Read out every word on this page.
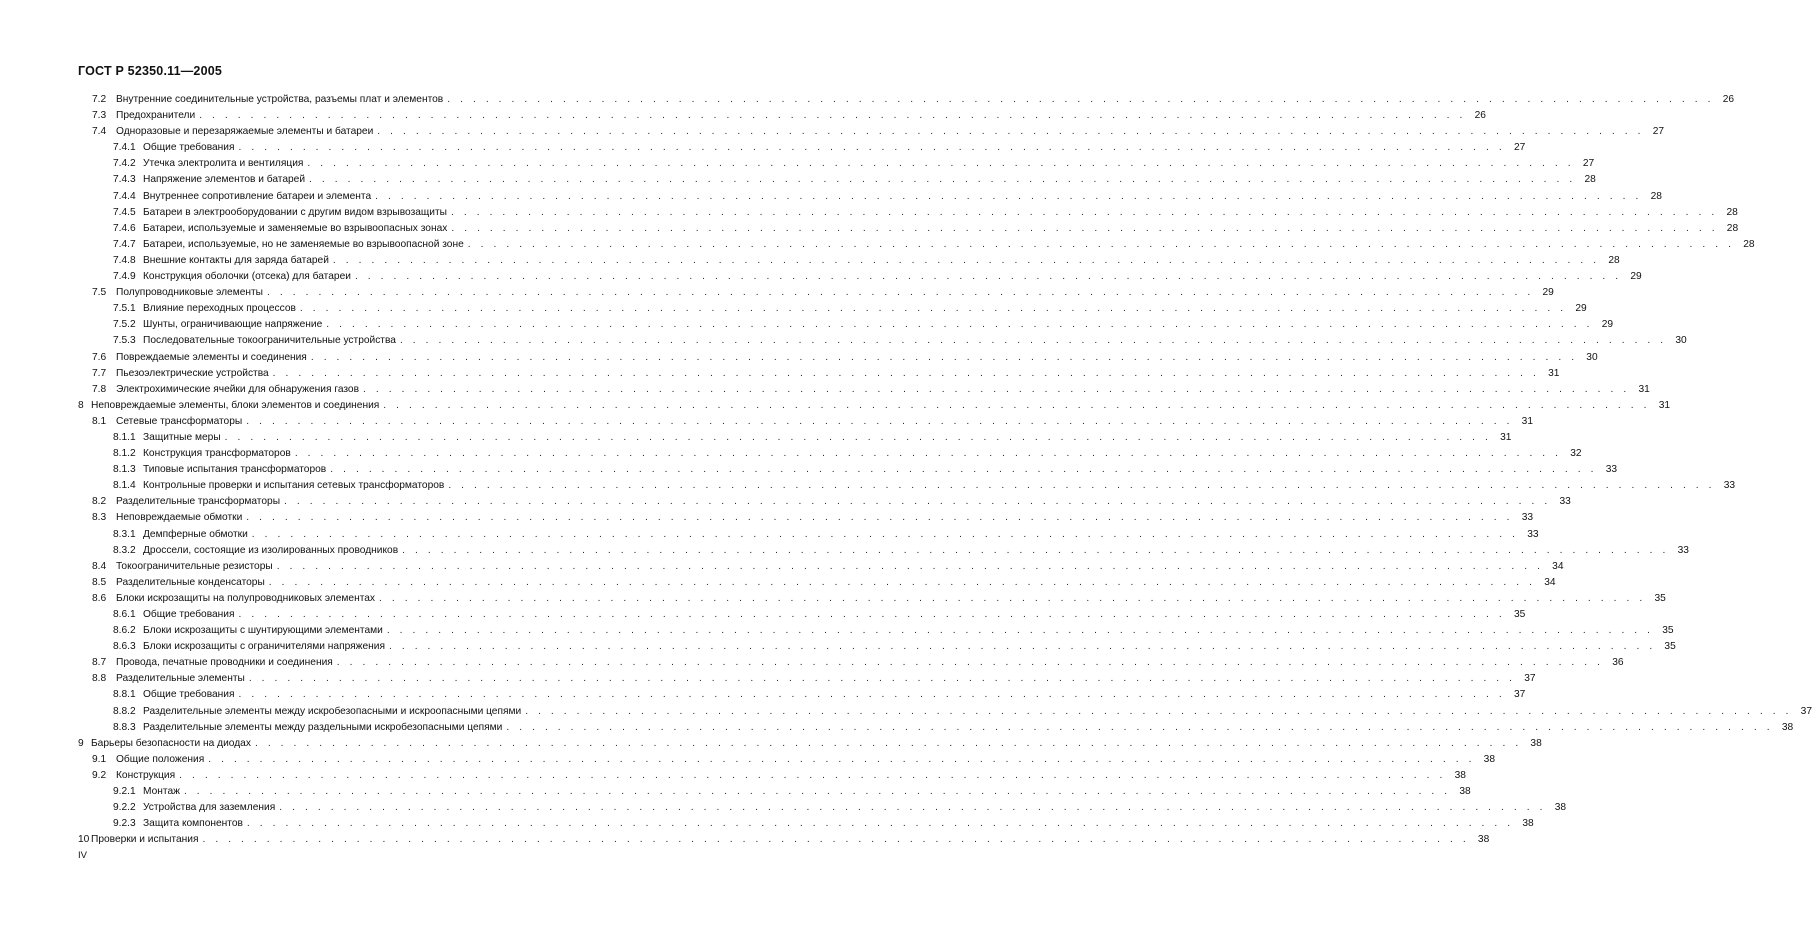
ГОСТ Р 52350.11—2005
7.2 Внутренние соединительные устройства, разъемы плат и элементов . . .	26
7.3 Предохранители . . .	26
7.4 Одноразовые и перезаряжаемые элементы и батареи . . .	27
7.4.1 Общие требования . . .	27
7.4.2 Утечка электролита и вентиляция . . .	27
7.4.3 Напряжение элементов и батарей . . .	28
7.4.4 Внутреннее сопротивление батареи и элемента . . .	28
7.4.5 Батареи в электрооборудовании с другим видом взрывозащиты . . .	28
7.4.6 Батареи, используемые и заменяемые во взрывоопасных зонах . . .	28
7.4.7 Батареи, используемые, но не заменяемые во взрывоопасной зоне . . .	28
7.4.8 Внешние контакты для заряда батарей . . .	28
7.4.9 Конструкция оболочки (отсека) для батареи . . .	29
7.5 Полупроводниковые элементы . . .	29
7.5.1 Влияние переходных процессов . . .	29
7.5.2 Шунты, ограничивающие напряжение . . .	29
7.5.3 Последовательные токоограничительные устройства . . .	30
7.6 Повреждаемые элементы и соединения . . .	30
7.7 Пьезоэлектрические устройства . . .	31
7.8 Электрохимические ячейки для обнаружения газов . . .	31
8 Неповреждаемые элементы, блоки элементов и соединения . . .	31
8.1 Сетевые трансформаторы . . .	31
8.1.1 Защитные меры . . .	31
8.1.2 Конструкция трансформаторов . . .	32
8.1.3 Типовые испытания трансформаторов . . .	33
8.1.4 Контрольные проверки и испытания сетевых трансформаторов . . .	33
8.2 Разделительные трансформаторы . . .	33
8.3 Неповреждаемые обмотки . . .	33
8.3.1 Демпферные обмотки . . .	33
8.3.2 Дроссели, состоящие из изолированных проводников . . .	33
8.4 Токоограничительные резисторы . . .	34
8.5 Разделительные конденсаторы . . .	34
8.6 Блоки искрозащиты на полупроводниковых элементах . . .	35
8.6.1 Общие требования . . .	35
8.6.2 Блоки искрозащиты с шунтирующими элементами . . .	35
8.6.3 Блоки искрозащиты с ограничителями напряжения . . .	35
8.7 Провода, печатные проводники и соединения . . .	36
8.8 Разделительные элементы . . .	37
8.8.1 Общие требования . . .	37
8.8.2 Разделительные элементы между искробезопасными и искроопасными цепями . . .	37
8.8.3 Разделительные элементы между раздельными искробезопасными цепями . . .	38
9 Барьеры безопасности на диодах . . .	38
9.1 Общие положения . . .	38
9.2 Конструкция . . .	38
9.2.1 Монтаж . . .	38
9.2.2 Устройства для заземления . . .	38
9.2.3 Защита компонентов . . .	38
10 Проверки и испытания . . .	38
IV
